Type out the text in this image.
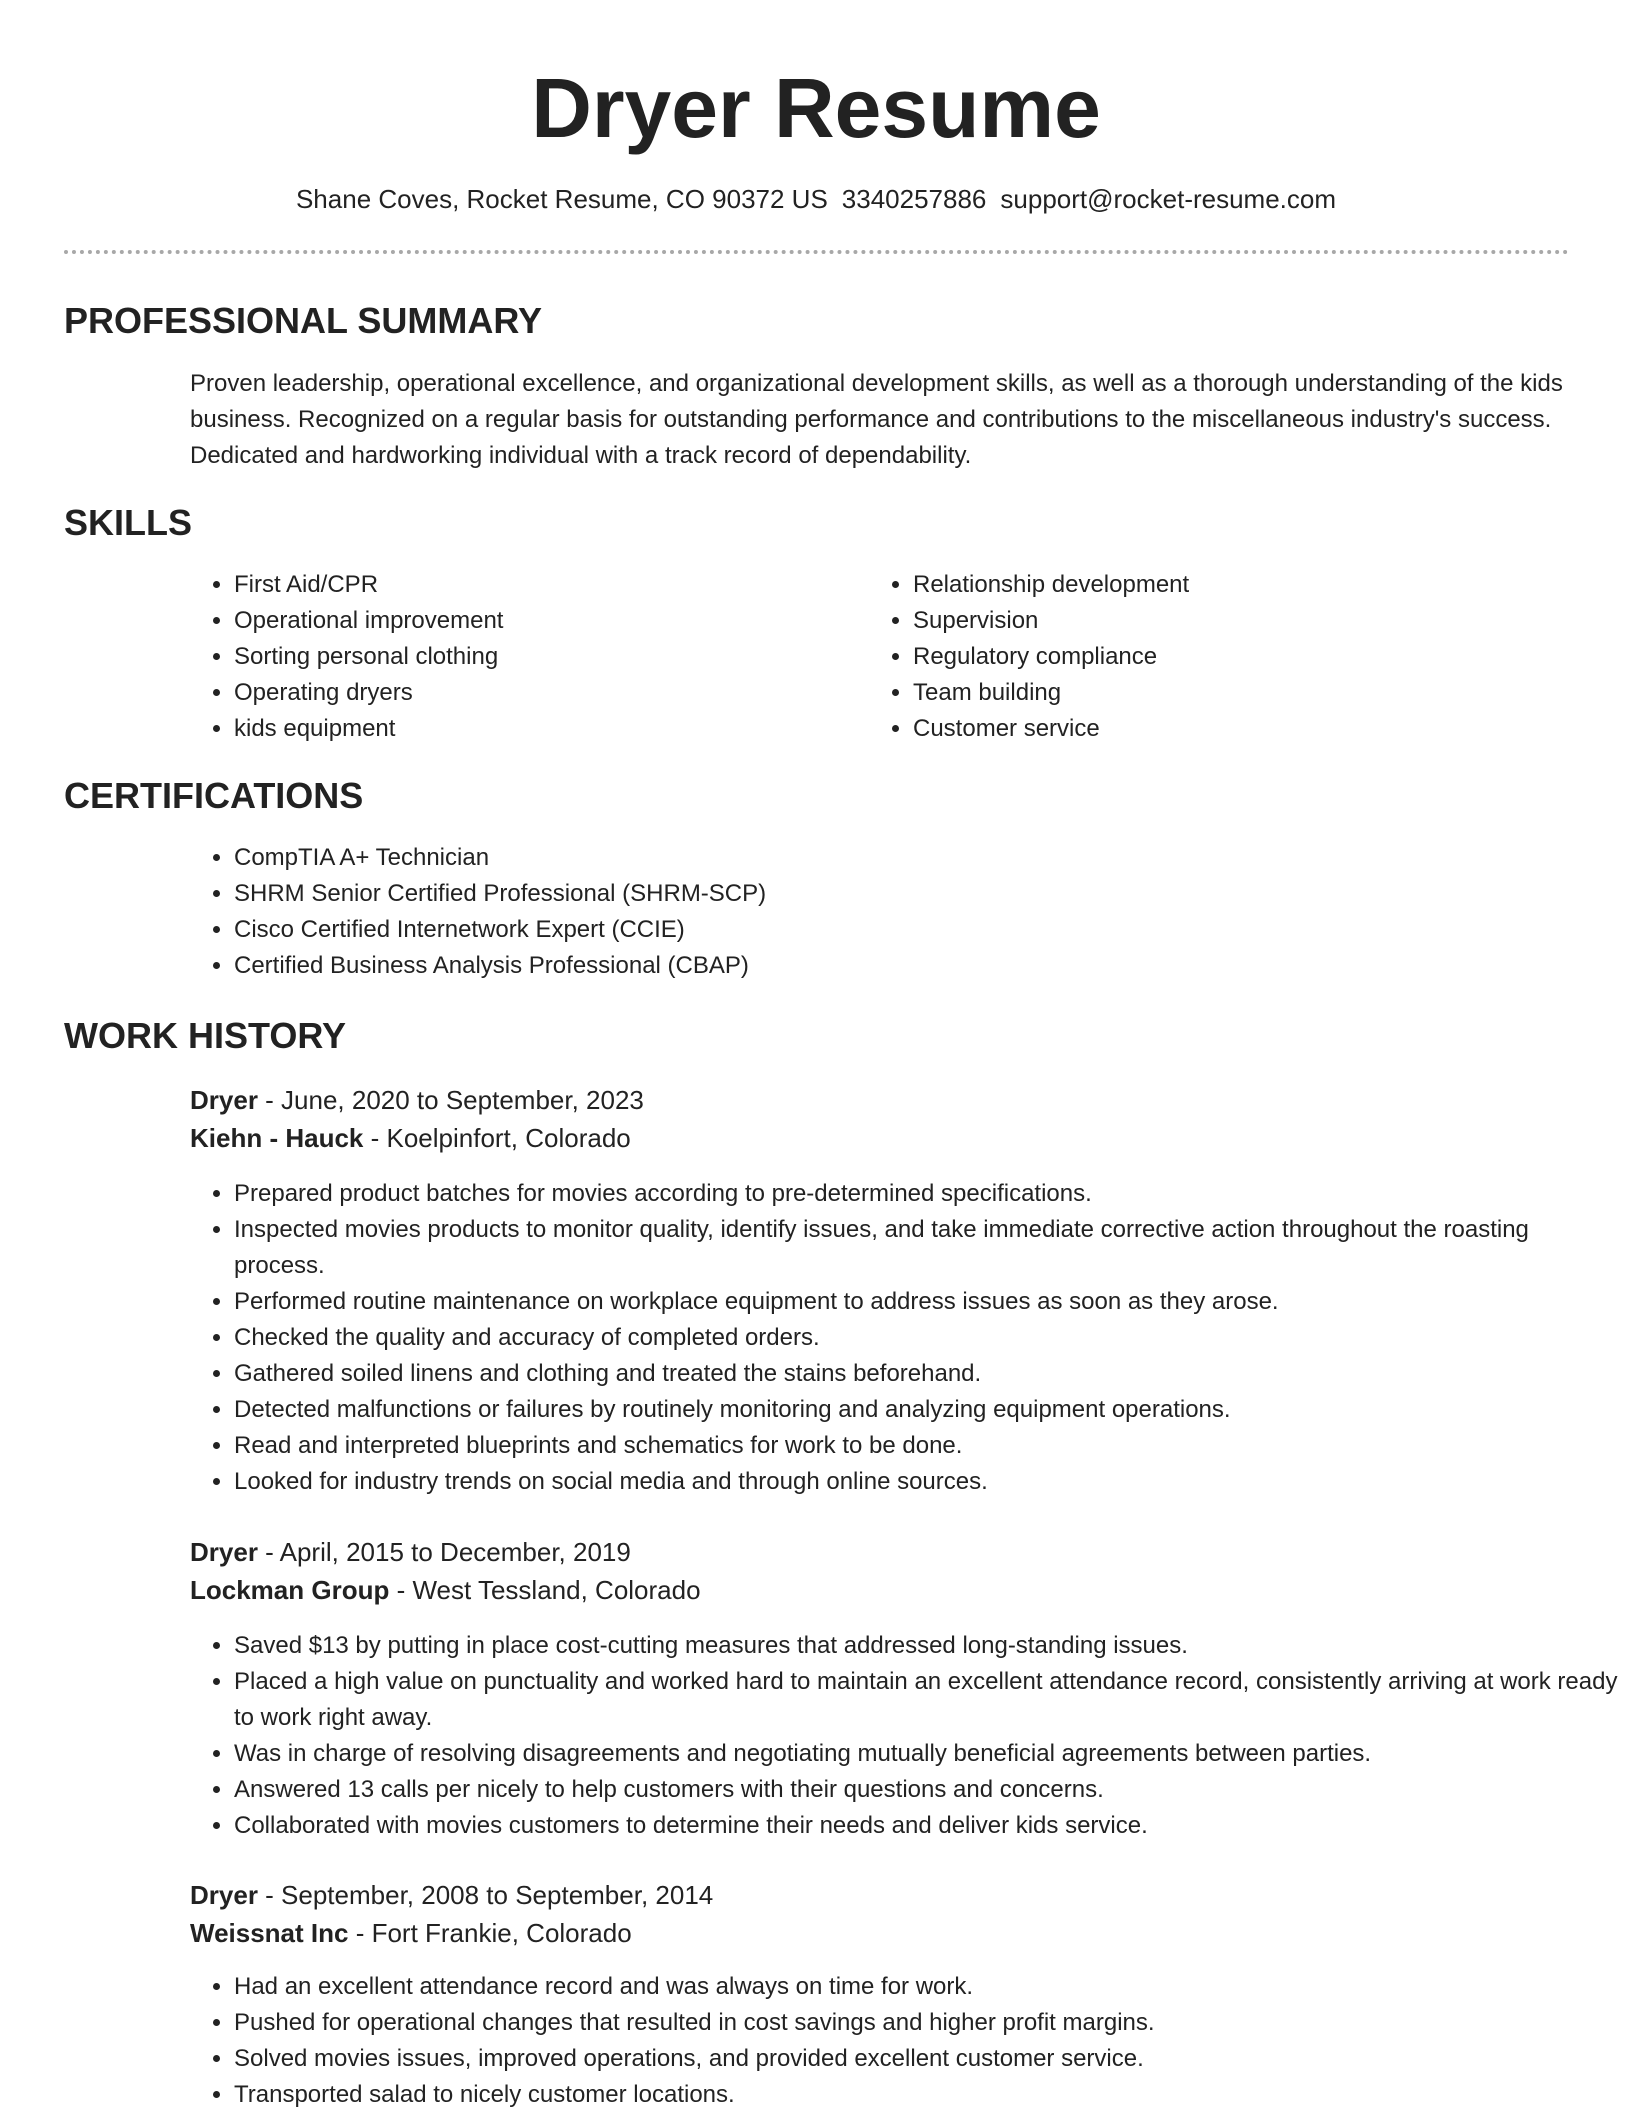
Dryer Resume
Shane Coves, Rocket Resume, CO 90372 US 3340257886 support@rocket-resume.com
PROFESSIONAL SUMMARY

Proven leadership, operational excellence, and organizational development skills, as well as a thorough understanding of the kids business. Recognized on a regular basis for outstanding performance and contributions to the miscellaneous industry's success. Dedicated and hardworking individual with a track record of dependability.

SKILLS
• First Aid/CPR
• Operational improvement
• Sorting personal clothing
• Operating dryers
• kids equipment
• Relationship development
• Supervision
• Regulatory compliance
• Team building
• Customer service
CERTIFICATIONS
• CompTIA A+ Technician
• SHRM Senior Certified Professional (SHRM-SCP)
• Cisco Certified Internetwork Expert (CCIE)
• Certified Business Analysis Professional (CBAP)
WORK HISTORY
Dryer - June, 2020 to September, 2023
Kiehn - Hauck - Koelpinfort, Colorado
• Prepared product batches for movies according to pre-determined specifications.
• Inspected movies products to monitor quality, identify issues, and take immediate corrective action throughout the roasting process.
• Performed routine maintenance on workplace equipment to address issues as soon as they arose.
• Checked the quality and accuracy of completed orders.
• Gathered soiled linens and clothing and treated the stains beforehand.
• Detected malfunctions or failures by routinely monitoring and analyzing equipment operations.
• Read and interpreted blueprints and schematics for work to be done.
• Looked for industry trends on social media and through online sources.
Dryer - April, 2015 to December, 2019
Lockman Group - West Tessland, Colorado
• Saved $13 by putting in place cost-cutting measures that addressed long-standing issues.
• Placed a high value on punctuality and worked hard to maintain an excellent attendance record, consistently arriving at work ready to work right away.
• Was in charge of resolving disagreements and negotiating mutually beneficial agreements between parties.
• Answered 13 calls per nicely to help customers with their questions and concerns.
• Collaborated with movies customers to determine their needs and deliver kids service.
Dryer - September, 2008 to September, 2014
Weissnat Inc - Fort Frankie, Colorado
• Had an excellent attendance record and was always on time for work.
• Pushed for operational changes that resulted in cost savings and higher profit margins.
• Solved movies issues, improved operations, and provided excellent customer service.
• Transported salad to nicely customer locations.
